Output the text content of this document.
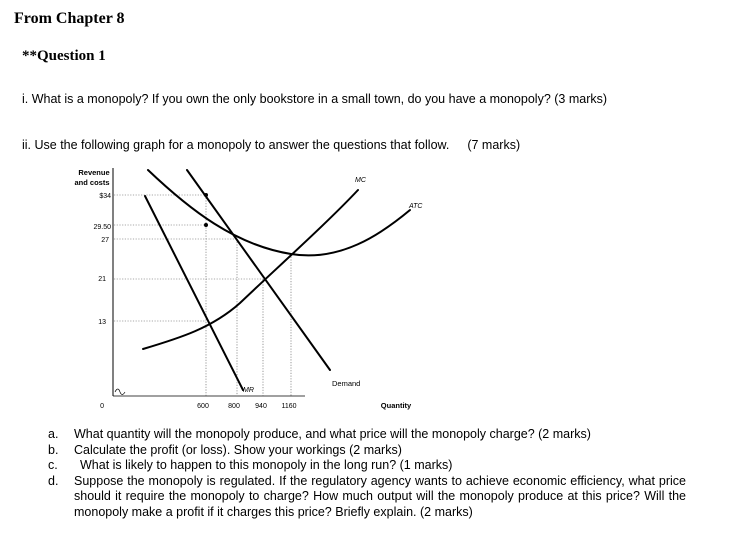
From Chapter 8
**Question 1
i. What is a monopoly? If you own the only bookstore in a small town, do you have a monopoly? (3 marks)
ii. Use the following graph for a monopoly to answer the questions that follow. (7 marks)
Revenue
and costs
$34
29.50
27
21
13
0	600	800 940 1160	Quantity
MC
ATC
Demand
MR
a.	What quantity will the monopoly produce, and what price will the monopoly charge? (2 marks)
b.	Calculate the profit (or loss). Show your workings (2 marks)
c.	What is likely to happen to this monopoly in the long run? (1 marks)
d.	Suppose the monopoly is regulated. If the regulatory agency wants to achieve economic efficiency, what price should it require the monopoly to charge? How much output will the monopoly produce at this price? Will the monopoly make a profit if it charges this price? Briefly explain. (2 marks)
